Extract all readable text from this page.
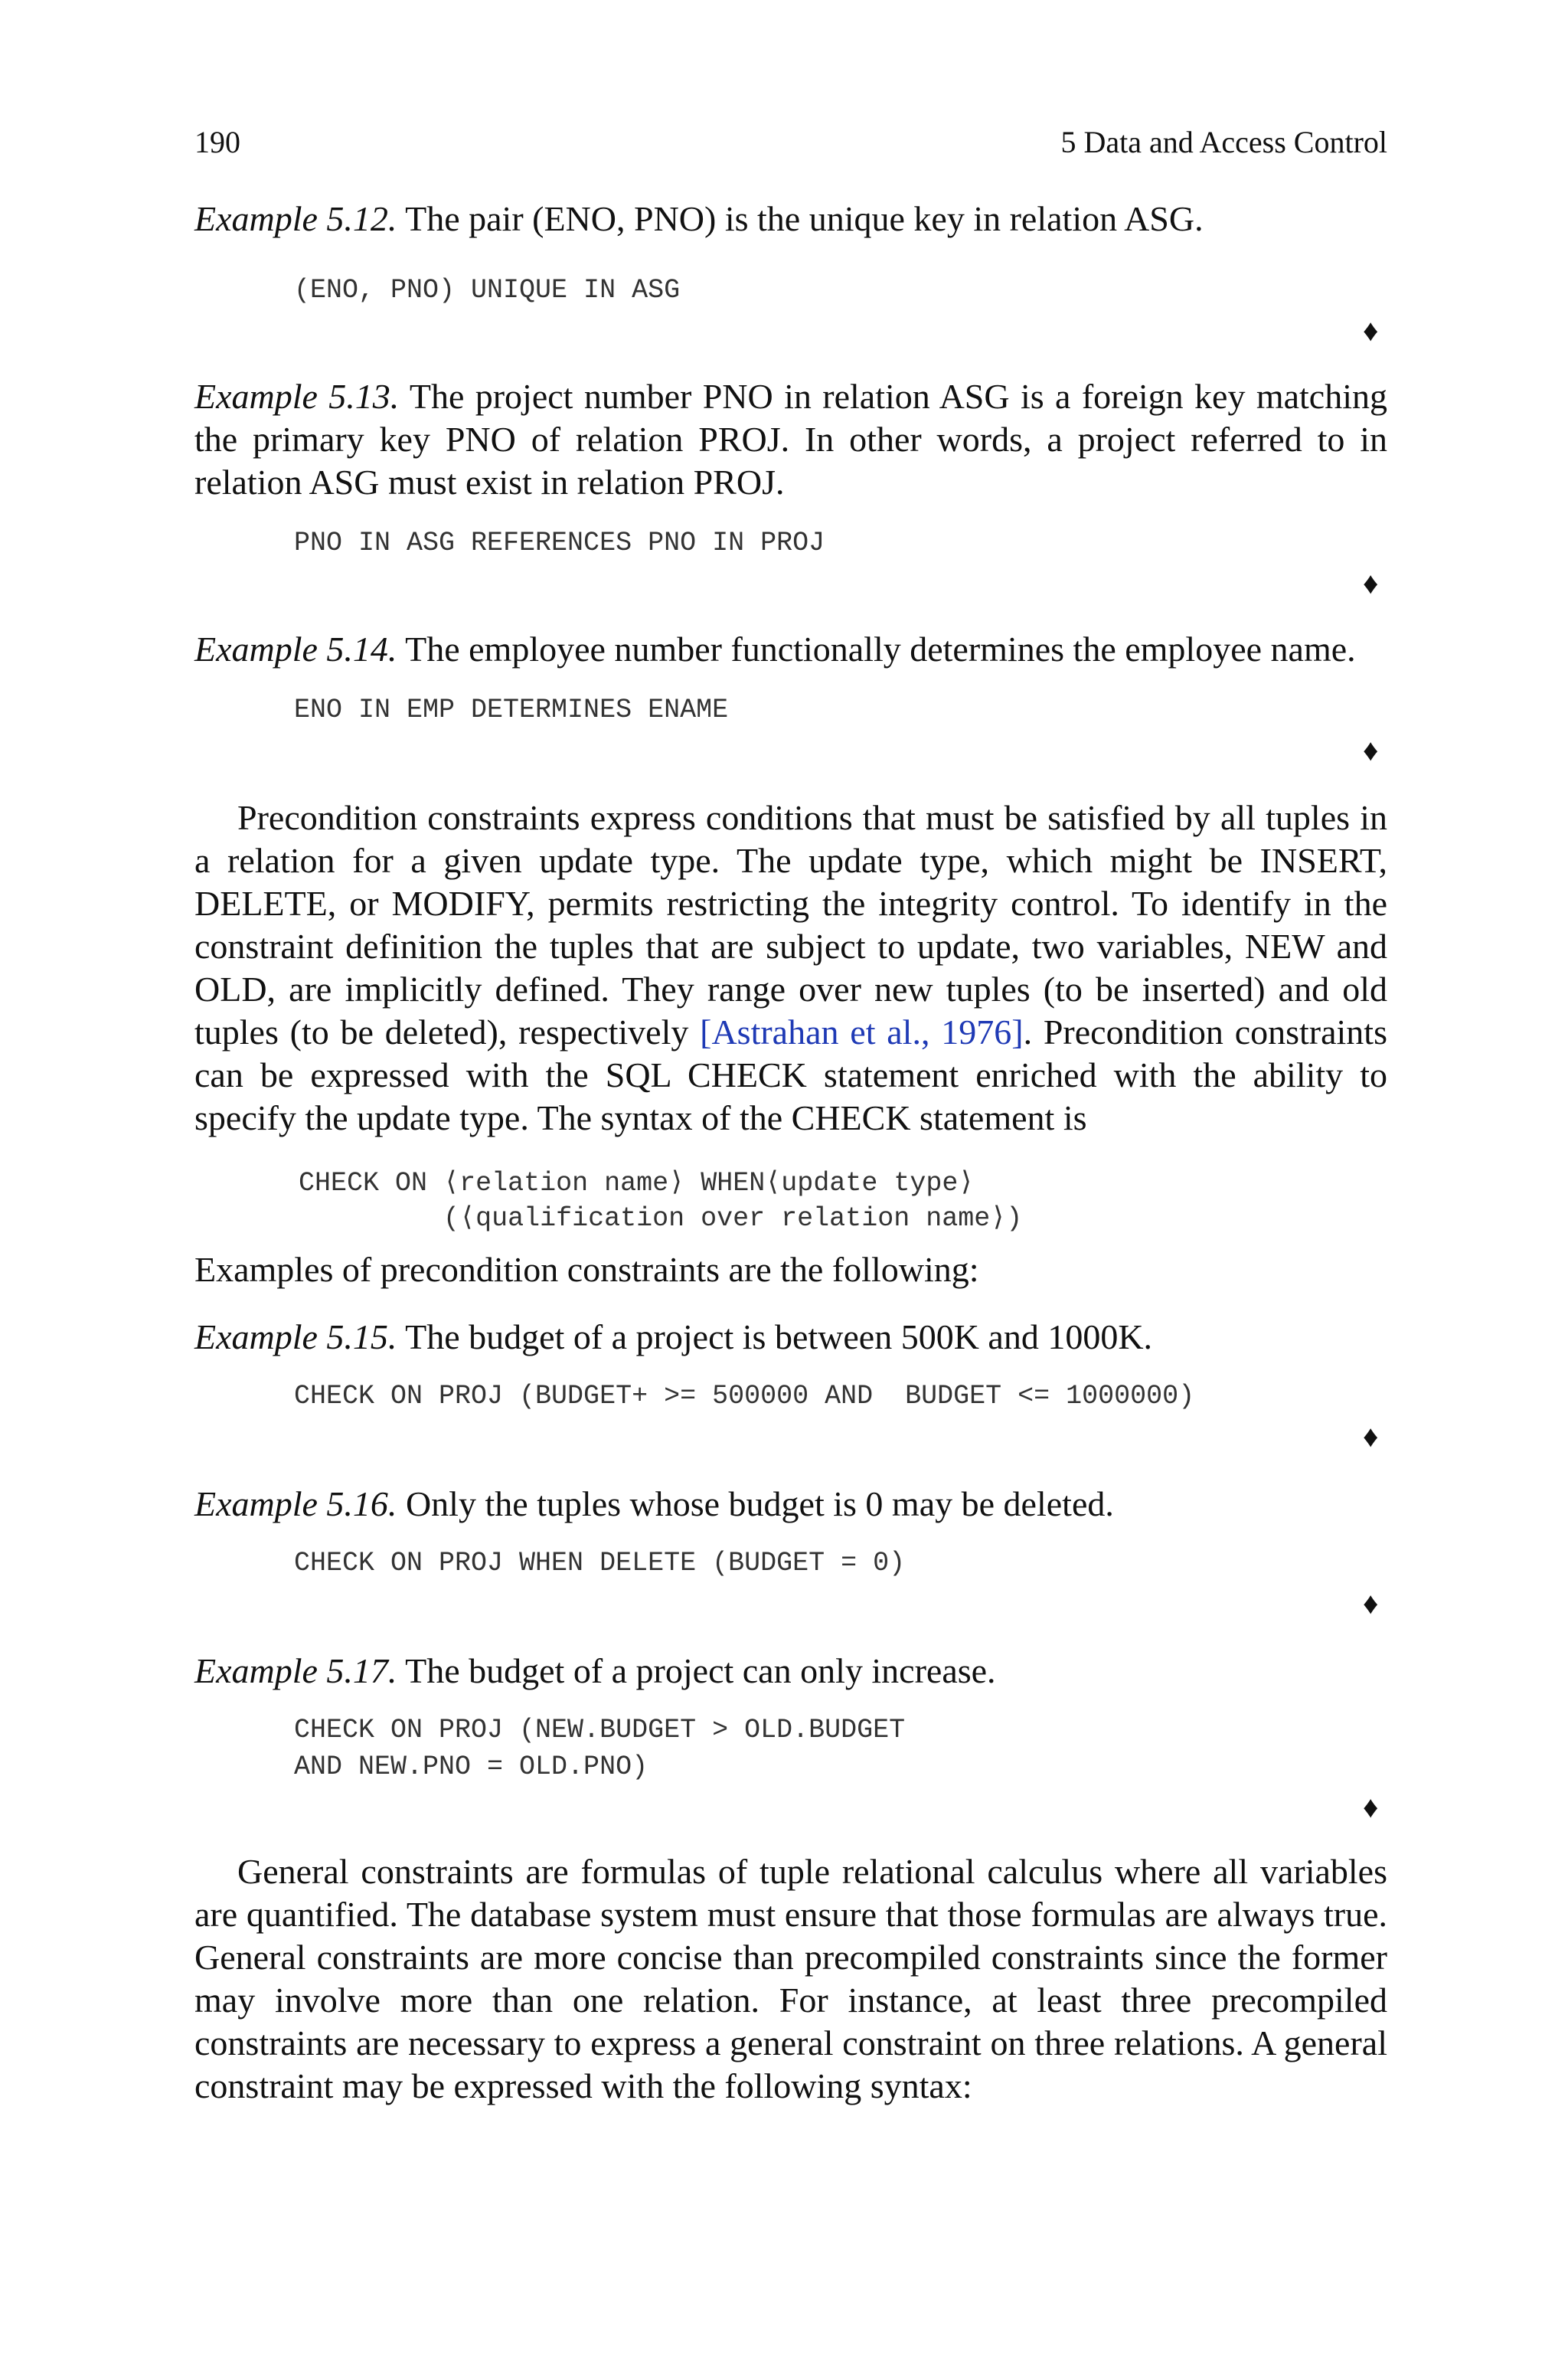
190	5 Data and Access Control
Example 5.12. The pair (ENO, PNO) is the unique key in relation ASG.
(ENO, PNO) UNIQUE IN ASG
♦
Example 5.13. The project number PNO in relation ASG is a foreign key matching the primary key PNO of relation PROJ. In other words, a project referred to in relation ASG must exist in relation PROJ.
PNO IN ASG REFERENCES PNO IN PROJ
♦
Example 5.14. The employee number functionally determines the employee name.
ENO IN EMP DETERMINES ENAME
♦
Precondition constraints express conditions that must be satisfied by all tuples in a relation for a given update type. The update type, which might be INSERT, DELETE, or MODIFY, permits restricting the integrity control. To identify in the constraint definition the tuples that are subject to update, two variables, NEW and OLD, are implicitly defined. They range over new tuples (to be inserted) and old tuples (to be deleted), respectively [Astrahan et al., 1976]. Precondition constraints can be expressed with the SQL CHECK statement enriched with the ability to specify the update type. The syntax of the CHECK statement is
CHECK ON ⟨relation name⟩ WHEN⟨update type⟩
(⟨qualification over relation name⟩)
Examples of precondition constraints are the following:
Example 5.15. The budget of a project is between 500K and 1000K.
CHECK ON PROJ (BUDGET+ >= 500000 AND  BUDGET <= 1000000)
♦
Example 5.16. Only the tuples whose budget is 0 may be deleted.
CHECK ON PROJ WHEN DELETE (BUDGET = 0)
♦
Example 5.17. The budget of a project can only increase.
CHECK ON PROJ (NEW.BUDGET > OLD.BUDGET
AND NEW.PNO = OLD.PNO)
♦
General constraints are formulas of tuple relational calculus where all variables are quantified. The database system must ensure that those formulas are always true. General constraints are more concise than precompiled constraints since the former may involve more than one relation. For instance, at least three precompiled constraints are necessary to express a general constraint on three relations. A general constraint may be expressed with the following syntax:
